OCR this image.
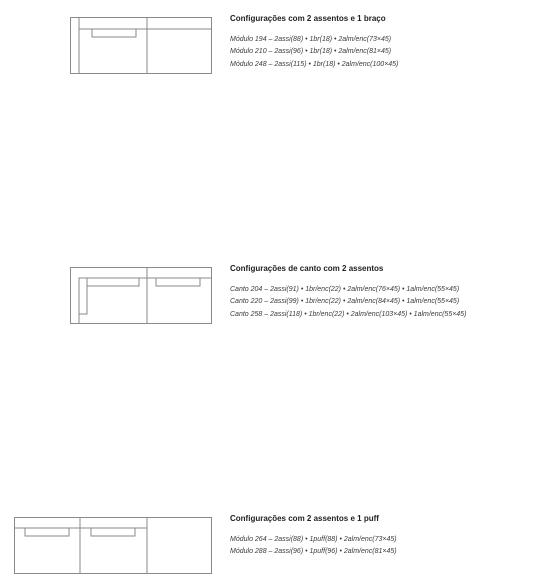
Configurações com 2 assentos e 1 braço
Módulo 194 – 2assi(88) • 1br(18) • 2alm/enc(73×45)
Módulo 210 – 2assi(96) • 1br(18) • 2alm/enc(81×45)
Módulo 248 – 2assi(115) • 1br(18) • 2alm/enc(100×45)
Configurações de canto com 2 assentos
Canto 204 – 2assi(91) • 1br/enc(22) • 2alm/enc(76×45) • 1alm/enc(55×45)
Canto 220 – 2assi(99) • 1br/enc(22) • 2alm/enc(84×45) • 1alm/enc(55×45)
Canto 258 – 2assi(118) • 1br/enc(22) • 2alm/enc(103×45) • 1alm/enc(55×45)
Configurações com 2 assentos e 1 puff
Módulo 264 – 2assi(88) • 1puff(88) • 2alm/enc(73×45)
Módulo 288 – 2assi(96) • 1puff(96) • 2alm/enc(81×45)
